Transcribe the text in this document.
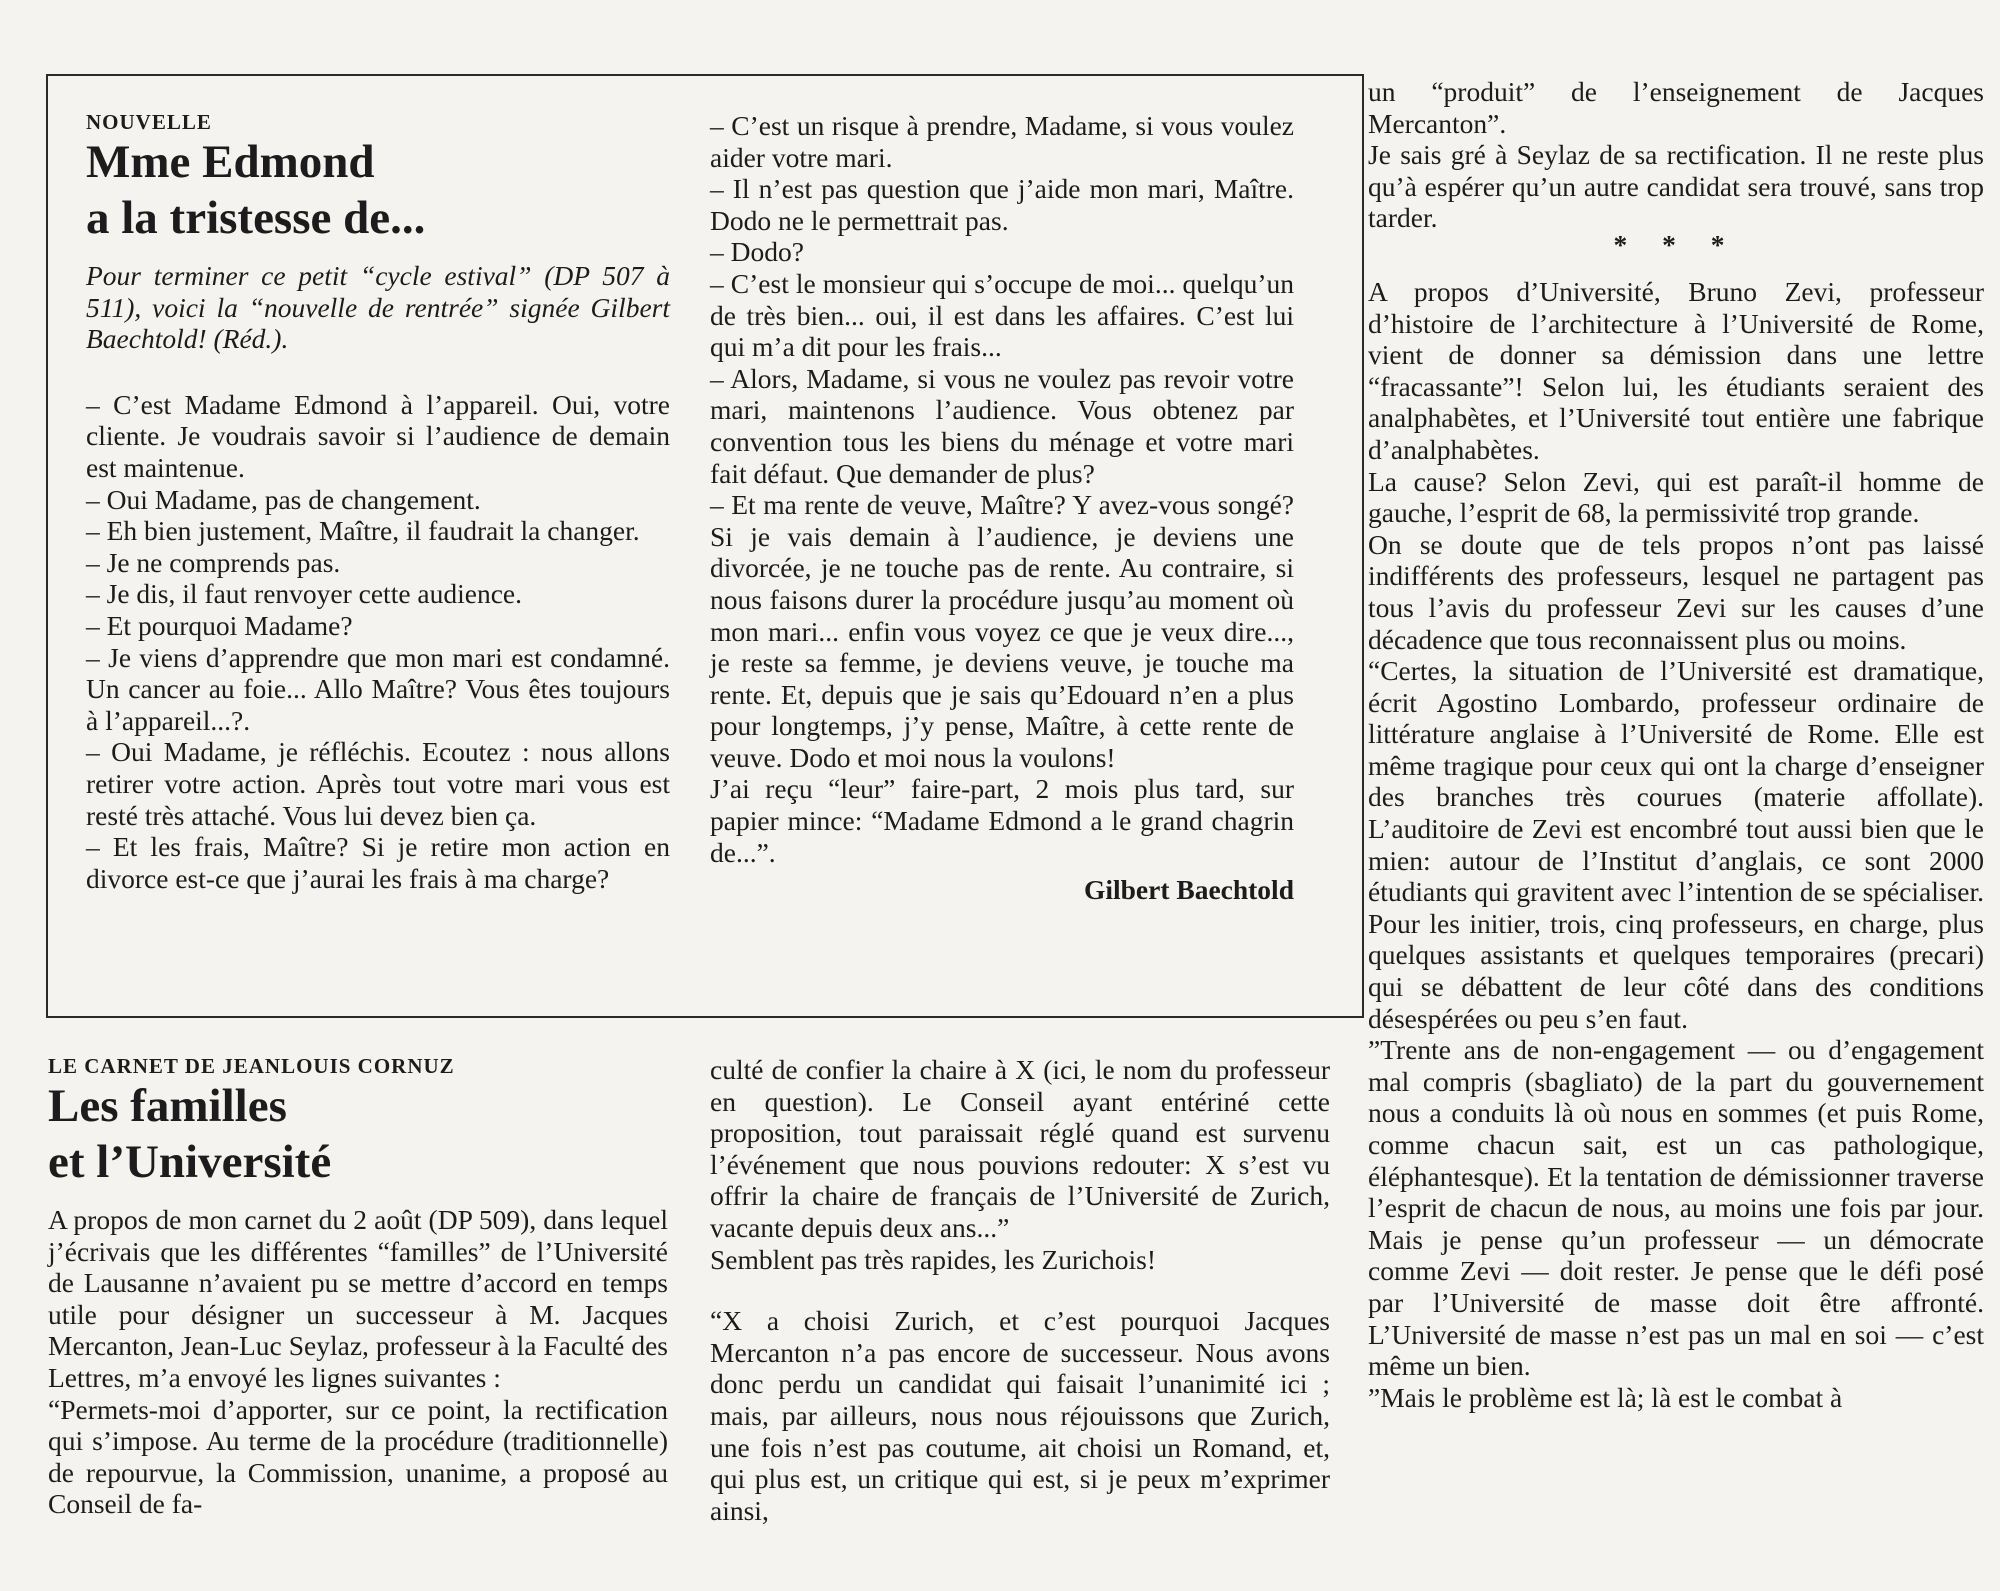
NOUVELLE

Mme Edmond
a la tristesse de...

Pour terminer ce petit “cycle estival” (DP 507 à 511), voici la “nouvelle de rentrée” signée Gilbert Baechtold! (Réd.).

– C’est Madame Edmond à l’appareil. Oui, votre cliente. Je voudrais savoir si l’audience de demain est maintenue.

– Oui Madame, pas de changement.

– Eh bien justement, Maître, il faudrait la changer.

– Je ne comprends pas.

– Je dis, il faut renvoyer cette audience.

– Et pourquoi Madame?

– Je viens d’apprendre que mon mari est condamné. Un cancer au foie... Allo Maître? Vous êtes toujours à l’appareil...?.

– Oui Madame, je réfléchis. Ecoutez : nous allons retirer votre action. Après tout votre mari vous est resté très attaché. Vous lui devez bien ça.

– Et les frais, Maître? Si je retire mon action en divorce est-ce que j’aurai les frais à ma charge?

– C’est un risque à prendre, Madame, si vous voulez aider votre mari.

– Il n’est pas question que j’aide mon mari, Maître. Dodo ne le permettrait pas.

– Dodo?

– C’est le monsieur qui s’occupe de moi... quelqu’un de très bien... oui, il est dans les affaires. C’est lui qui m’a dit pour les frais...

– Alors, Madame, si vous ne voulez pas revoir votre mari, maintenons l’audience. Vous obtenez par convention tous les biens du ménage et votre mari fait défaut. Que demander de plus?

– Et ma rente de veuve, Maître? Y avez-vous songé? Si je vais demain à l’audience, je deviens une divorcée, je ne touche pas de rente. Au contraire, si nous faisons durer la procédure jusqu’au moment où mon mari... enfin vous voyez ce que je veux dire..., je reste sa femme, je deviens veuve, je touche ma rente. Et, depuis que je sais qu’Edouard n’en a plus pour longtemps, j’y pense, Maître, à cette rente de veuve. Dodo et moi nous la voulons!

J’ai reçu “leur” faire-part, 2 mois plus tard, sur papier mince: “Madame Edmond a le grand chagrin de...”.

Gilbert Baechtold

LE CARNET DE JEANLOUIS CORNUZ

Les familles
et l’Université

A propos de mon carnet du 2 août (DP 509), dans lequel j’écrivais que les différentes “familles” de l’Université de Lausanne n’avaient pu se mettre d’accord en temps utile pour désigner un successeur à M. Jacques Mercanton, Jean-Luc Seylaz, professeur à la Faculté des Lettres, m’a envoyé les lignes suivantes :

“Permets-moi d’apporter, sur ce point, la rectification qui s’impose. Au terme de la procédure (traditionnelle) de repourvue, la Commission, unanime, a proposé au Conseil de fa-

culté de confier la chaire à X (ici, le nom du professeur en question). Le Conseil ayant entériné cette proposition, tout paraissait réglé quand est survenu l’événement que nous pouvions redouter: X s’est vu offrir la chaire de français de l’Université de Zurich, vacante depuis deux ans...”

Semblent pas très rapides, les Zurichois!

“X a choisi Zurich, et c’est pourquoi Jacques Mercanton n’a pas encore de successeur. Nous avons donc perdu un candidat qui faisait l’unanimité ici ; mais, par ailleurs, nous nous réjouissons que Zurich, une fois n’est pas coutume, ait choisi un Romand, et, qui plus est, un critique qui est, si je peux m’exprimer ainsi,

un “produit” de l’enseignement de Jacques Mercanton”.

Je sais gré à Seylaz de sa rectification. Il ne reste plus qu’à espérer qu’un autre candidat sera trouvé, sans trop tarder.

* * *

A propos d’Université, Bruno Zevi, professeur d’histoire de l’architecture à l’Université de Rome, vient de donner sa démission dans une lettre “fracassante”! Selon lui, les étudiants seraient des analphabètes, et l’Université tout entière une fabrique d’analphabètes.

La cause? Selon Zevi, qui est paraît-il homme de gauche, l’esprit de 68, la permissivité trop grande.

On se doute que de tels propos n’ont pas laissé indifférents des professeurs, lesquel ne partagent pas tous l’avis du professeur Zevi sur les causes d’une décadence que tous reconnaissent plus ou moins.

“Certes, la situation de l’Université est dramatique, écrit Agostino Lombardo, professeur ordinaire de littérature anglaise à l’Université de Rome. Elle est même tragique pour ceux qui ont la charge d’enseigner des branches très courues (materie affollate). L’auditoire de Zevi est encombré tout aussi bien que le mien: autour de l’Institut d’anglais, ce sont 2000 étudiants qui gravitent avec l’intention de se spécialiser. Pour les initier, trois, cinq professeurs, en charge, plus quelques assistants et quelques temporaires (precari) qui se débattent de leur côté dans des conditions désespérées ou peu s’en faut.

”Trente ans de non-engagement — ou d’engagement mal compris (sbagliato) de la part du gouvernement nous a conduits là où nous en sommes (et puis Rome, comme chacun sait, est un cas pathologique, éléphantesque). Et la tentation de démissionner traverse l’esprit de chacun de nous, au moins une fois par jour. Mais je pense qu’un professeur — un démocrate comme Zevi — doit rester. Je pense que le défi posé par l’Université de masse doit être affronté. L’Université de masse n’est pas un mal en soi — c’est même un bien.

”Mais le problème est là; là est le combat à
